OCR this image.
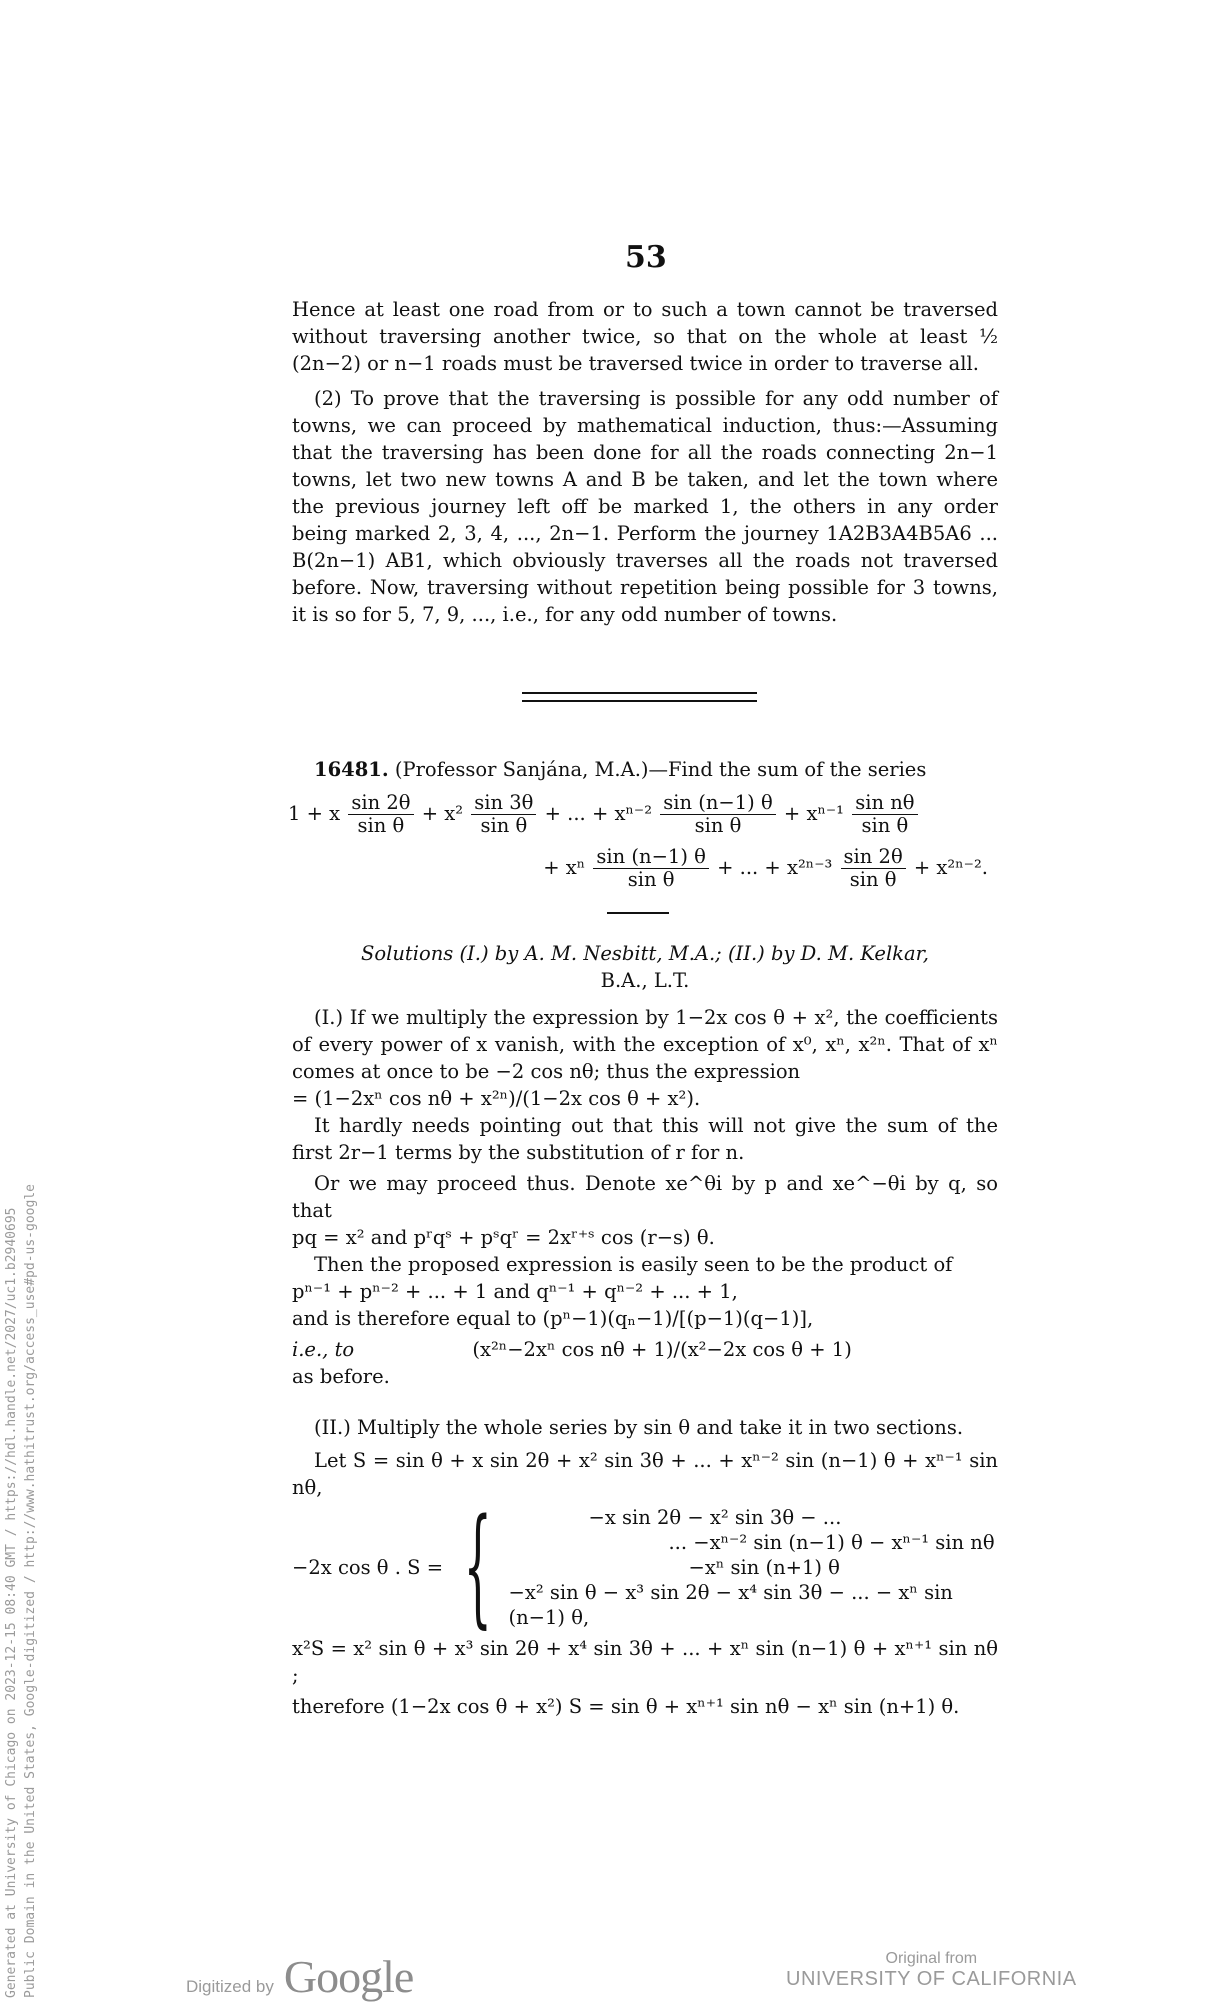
53

Hence at least one road from or to such a town cannot be traversed without traversing another twice, so that on the whole at least ½ (2n−2) or n−1 roads must be traversed twice in order to traverse all.

(2) To prove that the traversing is possible for any odd number of towns, we can proceed by mathematical induction, thus:—Assuming that the traversing has been done for all the roads connecting 2n−1 towns, let two new towns A and B be taken, and let the town where the previous journey left off be marked 1, the others in any order being marked 2, 3, 4, ..., 2n−1. Perform the journey 1A2B3A4B5A6 ... B(2n−1) AB1, which obviously traverses all the roads not traversed before. Now, traversing without repetition being possible for 3 towns, it is so for 5, 7, 9, ..., i.e., for any odd number of towns.

16481. (Professor Sanjána, M.A.)—Find the sum of the series

1 + x $\frac{\sin 2\theta}{\text{sin θ}} + x^2 \frac{\sin 3\theta}{\text{sin θ}}$ + ... + $x^{n-2} \frac{\sin (n-1) \theta}{\text{sin θ}} + x^{n-1} \frac{\text{sin nθ}}{\text{sin θ}}$
+ xⁿ $\frac{\sin (n-1) \theta}{\text{sin θ}}$ + ... + $x^{2n-3} \frac{\sin 2\theta}{\text{sin θ}} + x^{2n-2}$.
Solutions (I.) by A. M. Nesbitt, M.A.; (II.) by D. M. Kelkar,
B.A., L.T.

(I.) If we multiply the expression by 1−2x cos θ + x², the coefficients of every power of x vanish, with the exception of x⁰, xⁿ, x²ⁿ. That of xⁿ comes at once to be −2 cos nθ; thus the expression

= (1−2xⁿ cos nθ + x²ⁿ)/(1−2x cos θ + x²).

It hardly needs pointing out that this will not give the sum of the first 2r−1 terms by the substitution of r for n.

Or we may proceed thus. Denote xe^θi by p and xe^−θi by q, so that

pq = x² and pʳqˢ + pˢqʳ = 2xʳ⁺ˢ cos (r−s) θ.

Then the proposed expression is easily seen to be the product of

pⁿ⁻¹ + pⁿ⁻² + ... + 1 and qⁿ⁻¹ + qⁿ⁻² + ... + 1,

and is therefore equal to (pⁿ−1)(qₙ−1)/[(p−1)(q−1)],

i.e., to	(x²ⁿ−2xⁿ cos nθ + 1)/(x²−2x cos θ + 1)

as before.

(II.) Multiply the whole series by sin θ and take it in two sections.

Let S = sin θ + x sin 2θ + x² sin 3θ + ... + xⁿ⁻² sin (n−1) θ + xⁿ⁻¹ sin nθ,

−2x cos θ . S = {	−x sin 2θ − x² sin 3θ − ...
... −xⁿ⁻² sin (n−1) θ − xⁿ⁻¹ sin nθ
−xⁿ sin (n+1) θ
−x² sin θ − x³ sin 2θ − x⁴ sin 3θ − ... − xⁿ sin (n−1) θ,

x²S = x² sin θ + x³ sin 2θ + x⁴ sin 3θ + ... + xⁿ sin (n−1) θ + xⁿ⁺¹ sin nθ ;

therefore (1−2x cos θ + x²) S = sin θ + xⁿ⁺¹ sin nθ − xⁿ sin (n+1) θ.

Generated at University of Chicago on 2023-12-15 08:40 GMT / https://hdl.handle.net/2027/uc1.b2940695 Public Domain in the United States, Google-digitized / http://www.hathitrust.org/access_use#pd-us-google	Digitized by Google	Original from
UNIVERSITY OF CALIFORNIA
